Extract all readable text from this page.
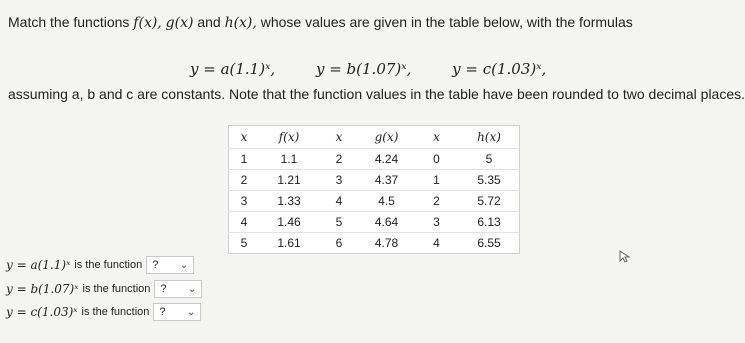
Match the functions f(x), g(x) and h(x), whose values are given in the table below, with the formulas
y = a(1.1)ˣ,	y = b(1.07)ˣ,	y = c(1.03)ˣ,
assuming a, b and c are constants. Note that the function values in the table have been rounded to two decimal places.
x	f(x)	x	g(x)	x	h(x)
1	1.1	2	4.24	0	5
2	1.21	3	4.37	1	5.35
3	1.33	4	4.5	2	5.72
4	1.46	5	4.64	3	6.13
5	1.61	6	4.78	4	6.55
y = a(1.1)ˣ is the function ? ⌄
y = b(1.07)ˣ is the function ? ⌄
y = c(1.03)ˣ is the function ? ⌄
